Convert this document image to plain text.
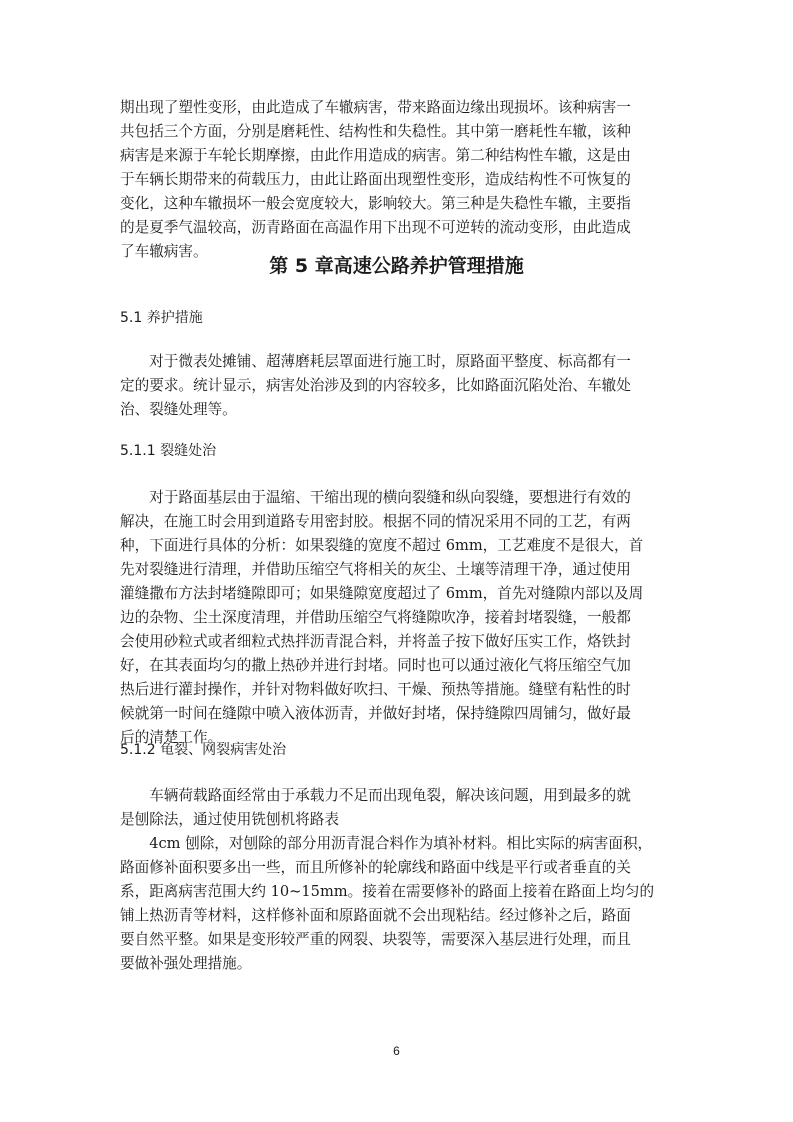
期出现了塑性变形，由此造成了车辙病害，带来路面边缘出现损坏。该种病害一
共包括三个方面，分别是磨耗性、结构性和失稳性。其中第一磨耗性车辙，该种
病害是来源于车轮长期摩擦，由此作用造成的病害。第二种结构性车辙，这是由
于车辆长期带来的荷载压力，由此让路面出现塑性变形，造成结构性不可恢复的
变化，这种车辙损坏一般会宽度较大，影响较大。第三种是失稳性车辙，主要指
的是夏季气温较高，沥青路面在高温作用下出现不可逆转的流动变形，由此造成
了车辙病害。
第 5 章高速公路养护管理措施
5.1 养护措施
　　对于微表处摊铺、超薄磨耗层罩面进行施工时，原路面平整度、标高都有一
定的要求。统计显示，病害处治涉及到的内容较多，比如路面沉陷处治、车辙处
治、裂缝处理等。
5.1.1 裂缝处治
　　对于路面基层由于温缩、干缩出现的横向裂缝和纵向裂缝，要想进行有效的
解决，在施工时会用到道路专用密封胶。根据不同的情况采用不同的工艺，有两
种，下面进行具体的分析：如果裂缝的宽度不超过 6mm，工艺难度不是很大，首
先对裂缝进行清理，并借助压缩空气将相关的灰尘、土壤等清理干净，通过使用
灌缝撒布方法封堵缝隙即可；如果缝隙宽度超过了 6mm，首先对缝隙内部以及周
边的杂物、尘土深度清理，并借助压缩空气将缝隙吹净，接着封堵裂缝，一般都
会使用砂粒式或者细粒式热拌沥青混合料，并将盖子按下做好压实工作，烙铁封
好，在其表面均匀的撒上热砂并进行封堵。同时也可以通过液化气将压缩空气加
热后进行灌封操作，并针对物料做好吹扫、干燥、预热等措施。缝壁有粘性的时
候就第一时间在缝隙中喷入液体沥青，并做好封堵，保持缝隙四周铺匀，做好最
后的清楚工作。
5.1.2 龟裂、网裂病害处治
　　车辆荷载路面经常由于承载力不足而出现龟裂，解决该问题，用到最多的就
是刨除法，通过使用铣刨机将路表
　　4cm 刨除，对刨除的部分用沥青混合料作为填补材料。相比实际的病害面积，
路面修补面积要多出一些，而且所修补的轮廓线和路面中线是平行或者垂直的关
系，距离病害范围大约 10~15mm。接着在需要修补的路面上接着在路面上均匀的
铺上热沥青等材料，这样修补面和原路面就不会出现粘结。经过修补之后，路面
要自然平整。如果是变形较严重的网裂、块裂等，需要深入基层进行处理，而且
要做补强处理措施。
6
